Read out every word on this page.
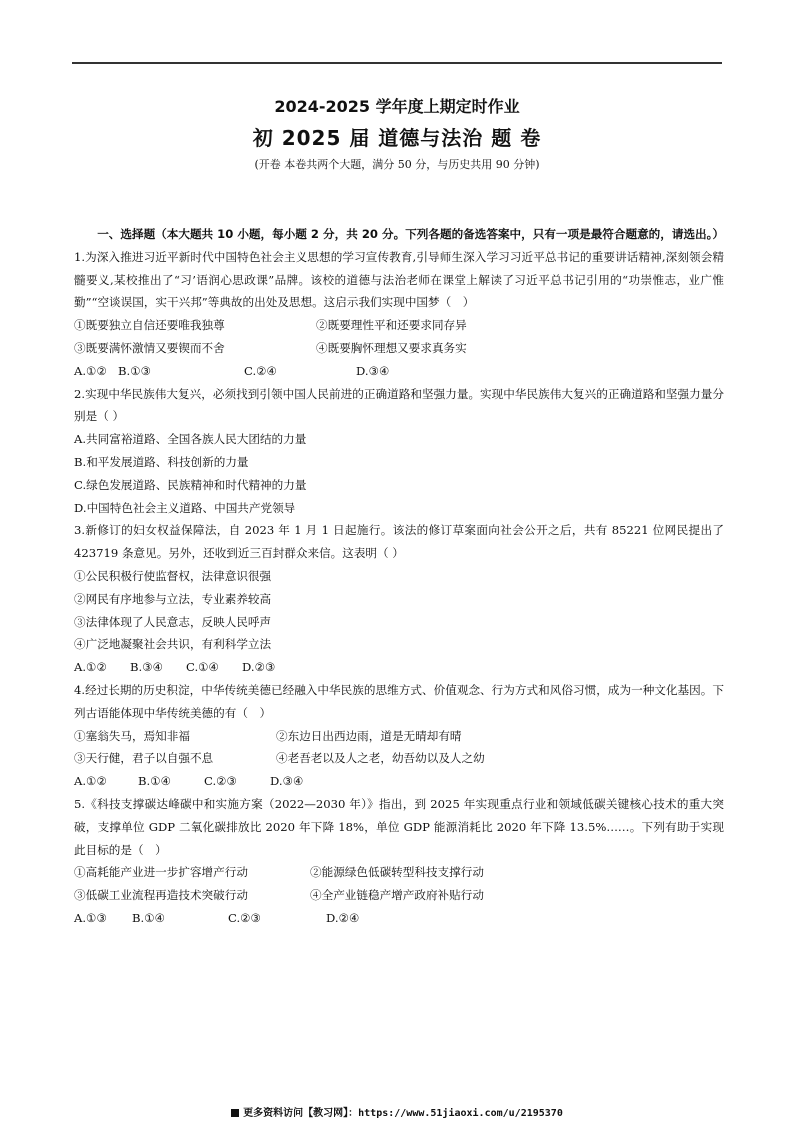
2024-2025 学年度上期定时作业
初 2025 届 道德与法治 题 卷
(开卷 本卷共两个大题，满分 50 分，与历史共用 90 分钟)

一、选择题（本大题共 10 小题，每小题 2 分，共 20 分。下列各题的备选答案中，只有一项是最符合题意的，请选出。）

1.为深入推进习近平新时代中国特色社会主义思想的学习宣传教育,引导师生深入学习习近平总书记的重要讲话精神,深刻领会精髓要义,某校推出了“习’语润心思政课”品牌。该校的道德与法治老师在课堂上解读了习近平总书记引用的“功崇惟志，业广惟勤”“空谈误国，实干兴邦”等典故的出处及思想。这启示我们实现中国梦（　）

①既要独立自信还要唯我独尊	②既要理性平和还要求同存异
③既要满怀激情又要锲而不舍	④既要胸怀理想又要求真务实
A.①② B.①③	C.②④	D.③④

2.实现中华民族伟大复兴，必须找到引领中国人民前进的正确道路和坚强力量。实现中华民族伟大复兴的正确道路和坚强力量分别是（ ）

A.共同富裕道路、全国各族人民大团结的力量

B.和平发展道路、科技创新的力量

C.绿色发展道路、民族精神和时代精神的力量

D.中国特色社会主义道路、中国共产党领导

3.新修订的妇女权益保障法，自 2023 年 1 月 1 日起施行。该法的修订草案面向社会公开之后，共有 85221 位网民提出了 423719 条意见。另外，还收到近三百封群众来信。这表明（ ）

①公民积极行使监督权，法律意识很强

②网民有序地参与立法，专业素养较高

③法律体现了人民意志，反映人民呼声

④广泛地凝聚社会共识，有利科学立法

A.①②	B.③④	C.①④	D.②③

4.经过长期的历史积淀，中华传统美德已经融入中华民族的思维方式、价值观念、行为方式和风俗习惯，成为一种文化基因。下列古语能体现中华传统美德的有（　）

①塞翁失马，焉知非福	②东边日出西边雨，道是无晴却有晴
③天行健，君子以自强不息	④老吾老以及人之老，幼吾幼以及人之幼
A.①②	B.①④	C.②③	D.③④

5.《科技支撑碳达峰碳中和实施方案（2022—2030 年）》指出，到 2025 年实现重点行业和领域低碳关键核心技术的重大突破，支撑单位 GDP 二氧化碳排放比 2020 年下降 18%，单位 GDP 能源消耗比 2020 年下降 13.5%……。下列有助于实现此目标的是（　）

①高耗能产业进一步扩容增产行动	②能源绿色低碳转型科技支撑行动
③低碳工业流程再造技术突破行动	④全产业链稳产增产政府补贴行动
A.①③	B.①④	C.②③	D.②④
更多资料访问【教习网】：https://www.51jiaoxi.com/u/2195370
